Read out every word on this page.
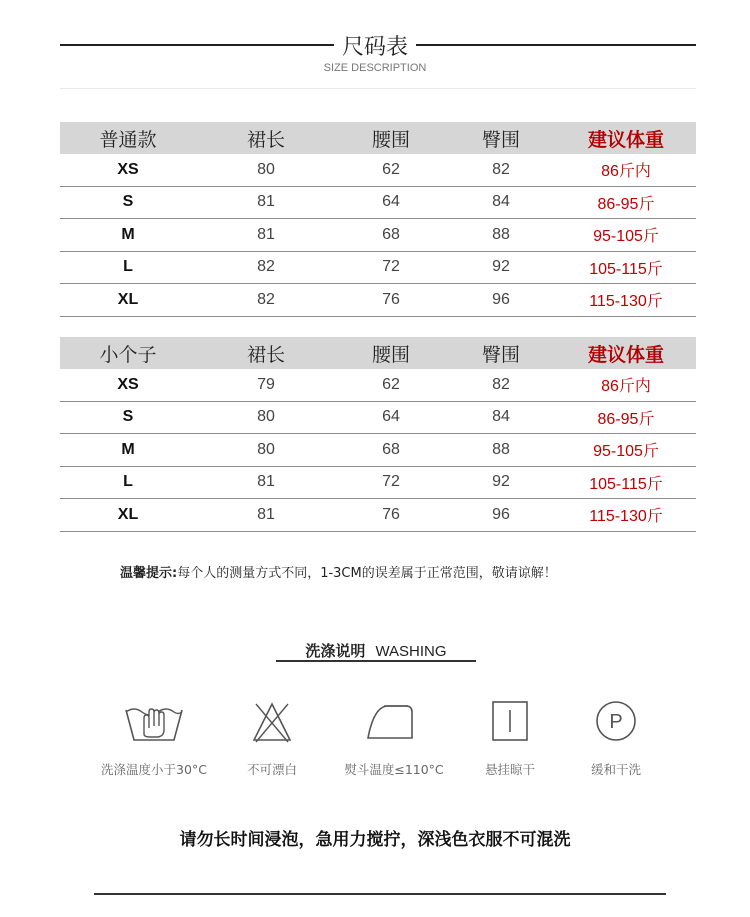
尺码表
SIZE DESCRIPTION
普通款	裙长	腰围	臀围	建议体重
XS	80	62	82	86斤内
S	81	64	84	86-95斤
M	81	68	88	95-105斤
L	82	72	92	105-115斤
XL	82	76	96	115-130斤
小个子	裙长	腰围	臀围	建议体重
XS	79	62	82	86斤内
S	80	64	84	86-95斤
M	80	68	88	95-105斤
L	81	72	92	105-115斤
XL	81	76	96	115-130斤
温馨提示:每个人的测量方式不同，1-3CM的误差属于正常范围，敬请谅解！
洗涤说明 WASHING
洗涤温度小于30°C	不可漂白	熨斗温度≤110°C	悬挂晾干
P
缓和干洗
请勿长时间浸泡，急用力搅拧，深浅色衣服不可混洗
